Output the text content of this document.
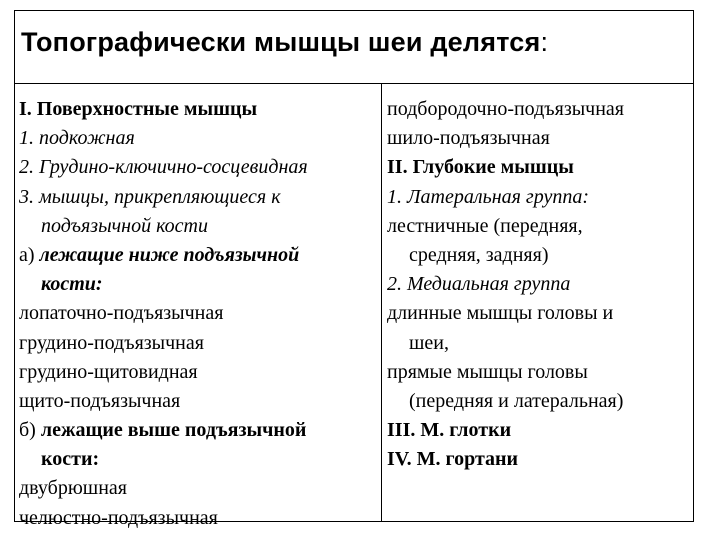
Топографически мышцы шеи делятся:
I. Поверхностные мышцы
1. подкожная
2. Грудино-ключично-сосцевидная
3. мышцы, прикрепляющиеся к
подъязычной кости
а) лежащие ниже подъязычной
кости:
лопаточно-подъязычная
грудино-подъязычная
грудино-щитовидная
щито-подъязычная
б) лежащие выше подъязычной
кости:
двубрюшная
челюстно-подъязычная
подбородочно-подъязычная
шило-подъязычная
II. Глубокие мышцы
1. Латеральная группа:
лестничные (передняя,
средняя, задняя)
2. Медиальная группа
длинные мышцы головы и
шеи,
прямые мышцы головы
(передняя и латеральная)
III. М. глотки
IV. М. гортани
